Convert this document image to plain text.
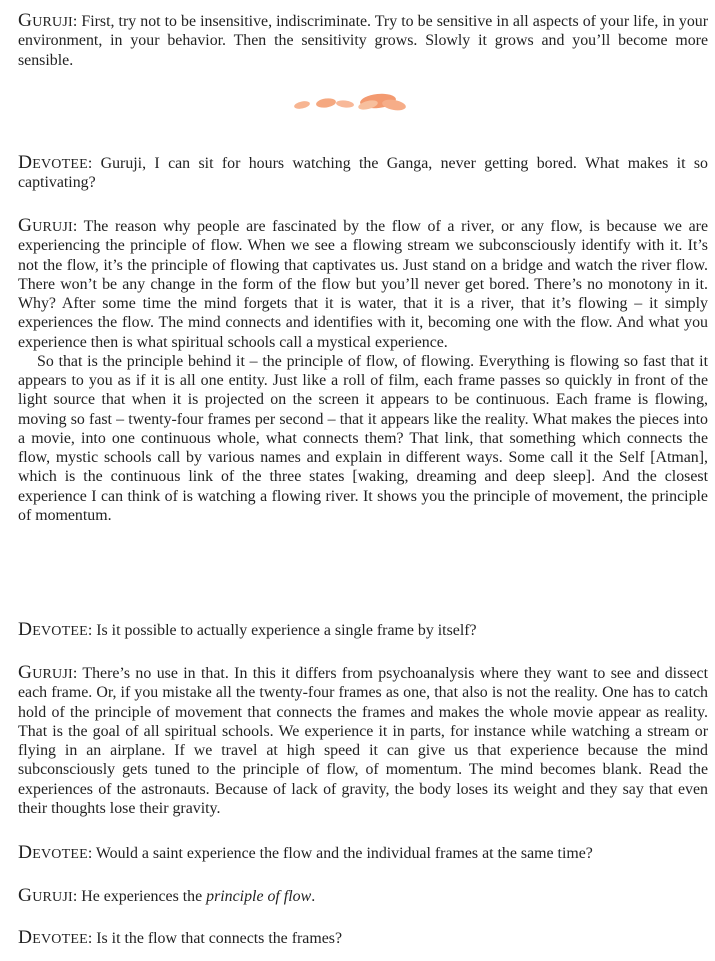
Guruji: First, try not to be insensitive, indiscriminate. Try to be sensitive in all aspects of your life, in your environment, in your behavior. Then the sensitivity grows. Slowly it grows and you’ll become more sensible.

Devotee: Guruji, I can sit for hours watching the Ganga, never getting bored. What makes it so captivating?

Guruji: The reason why people are fascinated by the flow of a river, or any flow, is because we are experiencing the principle of flow. When we see a flowing stream we subconsciously identify with it. It’s not the flow, it’s the principle of flowing that captivates us. Just stand on a bridge and watch the river flow. There won’t be any change in the form of the flow but you’ll never get bored. There’s no monotony in it. Why? After some time the mind forgets that it is water, that it is a river, that it’s flowing – it simply experiences the flow. The mind connects and identifies with it, becoming one with the flow. And what you experience then is what spiritual schools call a mystical experience.

So that is the principle behind it – the principle of flow, of flowing. Everything is flowing so fast that it appears to you as if it is all one entity. Just like a roll of film, each frame passes so quickly in front of the light source that when it is projected on the screen it appears to be continuous. Each frame is flowing, moving so fast – twenty-four frames per second – that it appears like the reality. What makes the pieces into a movie, into one continuous whole, what connects them? That link, that something which connects the flow, mystic schools call by various names and explain in different ways. Some call it the Self [Atman], which is the continuous link of the three states [waking, dreaming and deep sleep]. And the closest experience I can think of is watching a flowing river. It shows you the principle of movement, the principle of momentum.

Devotee: Is it possible to actually experience a single frame by itself?

Guruji: There’s no use in that. In this it differs from psychoanalysis where they want to see and dissect each frame. Or, if you mistake all the twenty-four frames as one, that also is not the reality. One has to catch hold of the principle of movement that connects the frames and makes the whole movie appear as reality. That is the goal of all spiritual schools. We experience it in parts, for instance while watching a stream or flying in an airplane. If we travel at high speed it can give us that experience because the mind subconsciously gets tuned to the principle of flow, of momentum. The mind becomes blank. Read the experiences of the astronauts. Because of lack of gravity, the body loses its weight and they say that even their thoughts lose their gravity.

Devotee: Would a saint experience the flow and the individual frames at the same time?

Guruji: He experiences the principle of flow.

Devotee: Is it the flow that connects the frames?
